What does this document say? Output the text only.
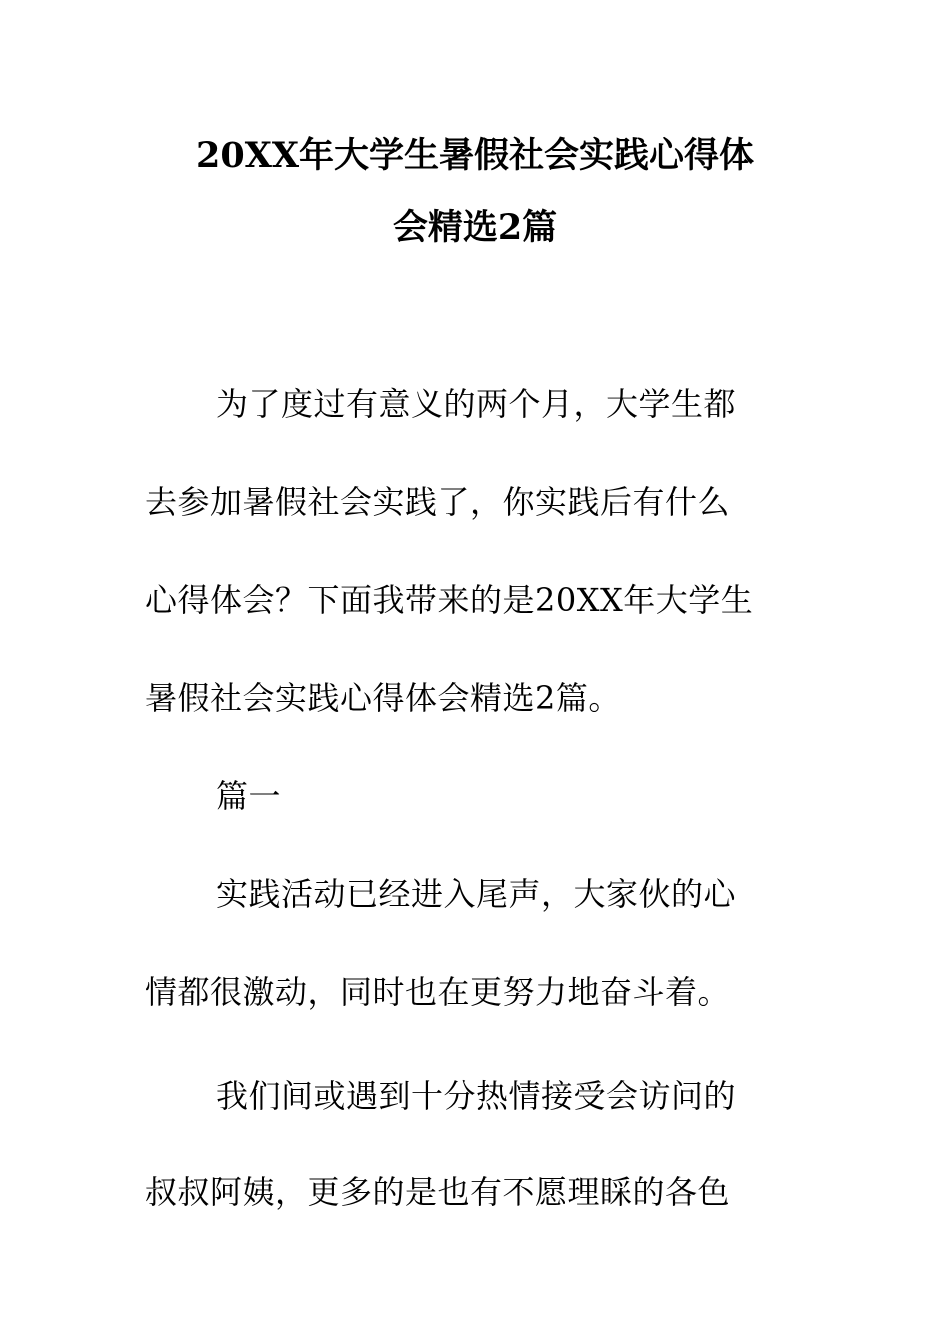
20XX年大学生暑假社会实践心得体
会精选2篇
为了度过有意义的两个月，大学生都
去参加暑假社会实践了，你实践后有什么
心得体会？下面我带来的是20XX年大学生
暑假社会实践心得体会精选2篇。
篇一
实践活动已经进入尾声，大家伙的心
情都很激动，同时也在更努力地奋斗着。
我们间或遇到十分热情接受会访问的
叔叔阿姨，更多的是也有不愿理睬的各色
